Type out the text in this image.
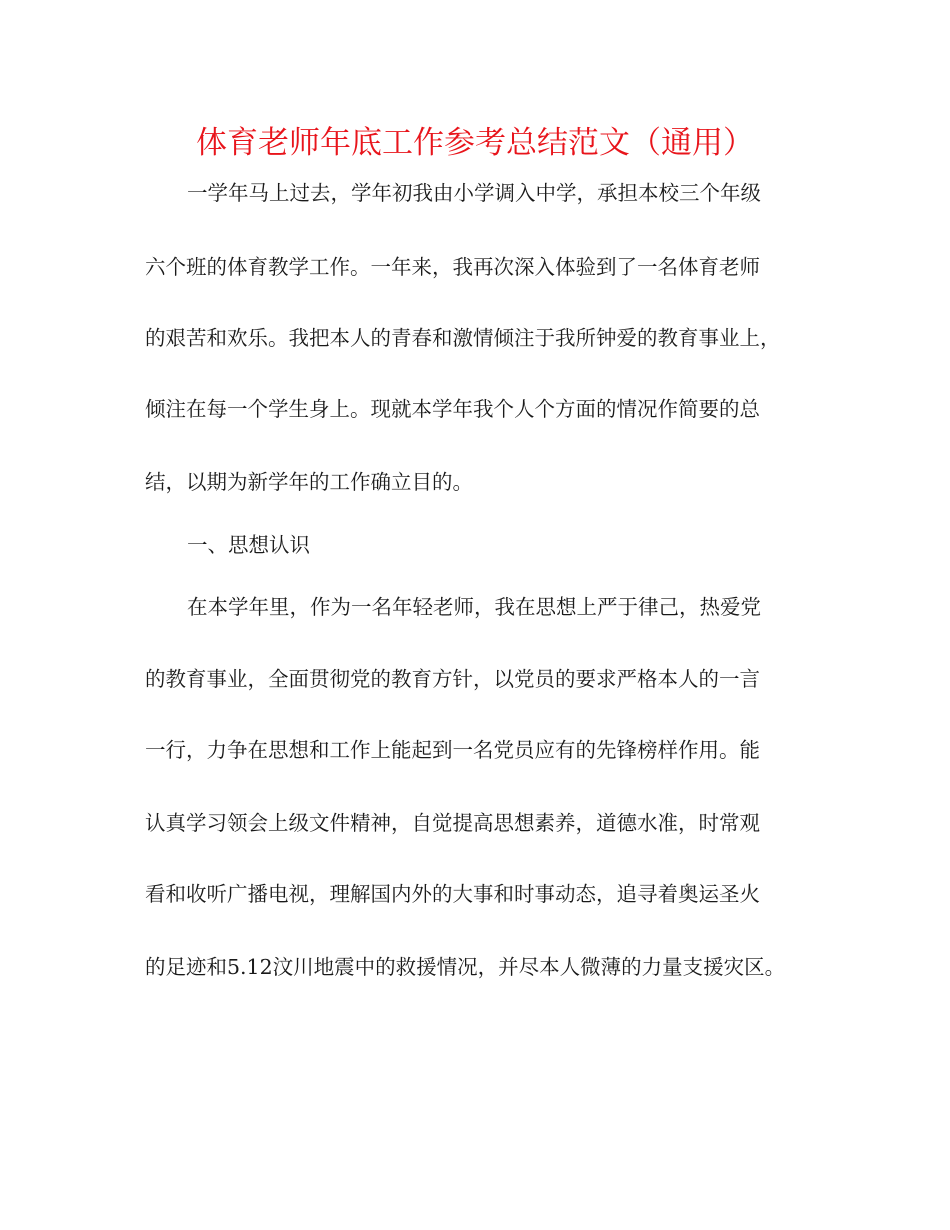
体育老师年底工作参考总结范文（通用）
一学年马上过去，学年初我由小学调入中学，承担本校三个年级
六个班的体育教学工作。一年来，我再次深入体验到了一名体育老师
的艰苦和欢乐。我把本人的青春和激情倾注于我所钟爱的教育事业上，
倾注在每一个学生身上。现就本学年我个人个方面的情况作简要的总
结，以期为新学年的工作确立目的。
一、思想认识
在本学年里，作为一名年轻老师，我在思想上严于律己，热爱党
的教育事业，全面贯彻党的教育方针，以党员的要求严格本人的一言
一行，力争在思想和工作上能起到一名党员应有的先锋榜样作用。能
认真学习领会上级文件精神，自觉提高思想素养，道德水准，时常观
看和收听广播电视，理解国内外的大事和时事动态，追寻着奥运圣火
的足迹和5.12汶川地震中的救援情况，并尽本人微薄的力量支援灾区。
